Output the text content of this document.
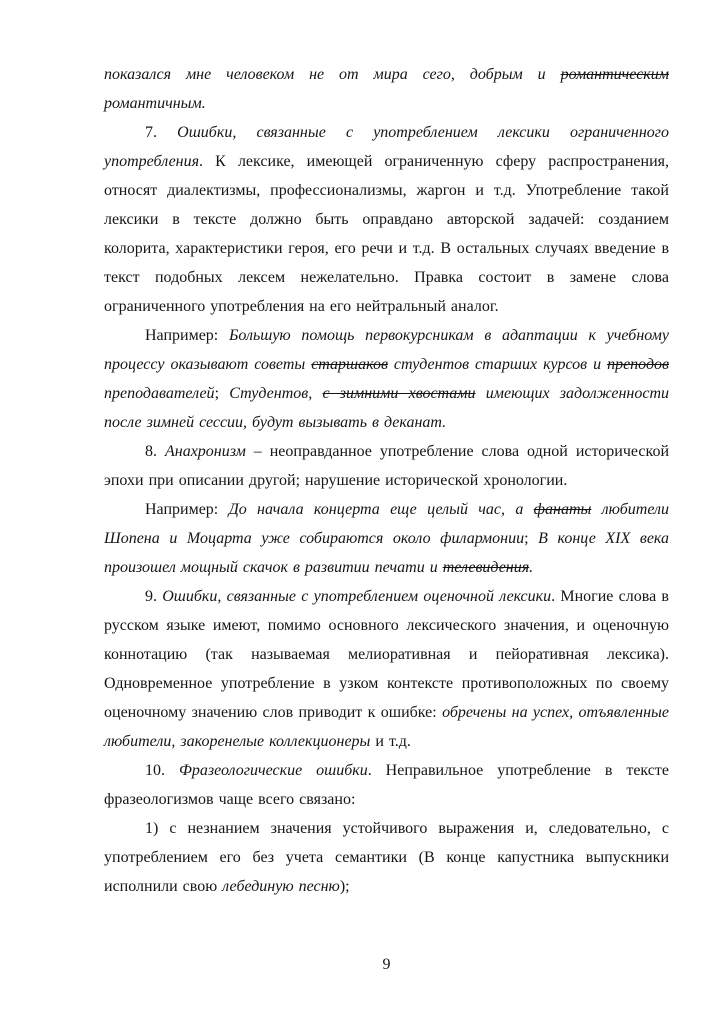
показался мне человеком не от мира сего, добрым и романтическим романтичным.

7. Ошибки, связанные с употреблением лексики ограниченного употребления. К лексике, имеющей ограниченную сферу распространения, относят диалектизмы, профессионализмы, жаргон и т.д. Употребление такой лексики в тексте должно быть оправдано авторской задачей: созданием колорита, характеристики героя, его речи и т.д. В остальных случаях введение в текст подобных лексем нежелательно. Правка состоит в замене слова ограниченного употребления на его нейтральный аналог.

Например: Большую помощь первокурсникам в адаптации к учебному процессу оказывают советы старшаков студентов старших курсов и преподов преподавателей; Студентов, с зимними хвостами имеющих задолженности после зимней сессии, будут вызывать в деканат.

8. Анахронизм – неоправданное употребление слова одной исторической эпохи при описании другой; нарушение исторической хронологии.

Например: До начала концерта еще целый час, а фанаты любители Шопена и Моцарта уже собираются около филармонии; В конце XIX века произошел мощный скачок в развитии печати и телевидения.

9. Ошибки, связанные с употреблением оценочной лексики. Многие слова в русском языке имеют, помимо основного лексического значения, и оценочную коннотацию (так называемая мелиоративная и пейоративная лексика). Одновременное употребление в узком контексте противоположных по своему оценочному значению слов приводит к ошибке: обречены на успех, отъявленные любители, закоренелые коллекционеры и т.д.

10. Фразеологические ошибки. Неправильное употребление в тексте фразеологизмов чаще всего связано:

1) с незнанием значения устойчивого выражения и, следовательно, с употреблением его без учета семантики (В конце капустника выпускники исполнили свою лебединую песню);

9
